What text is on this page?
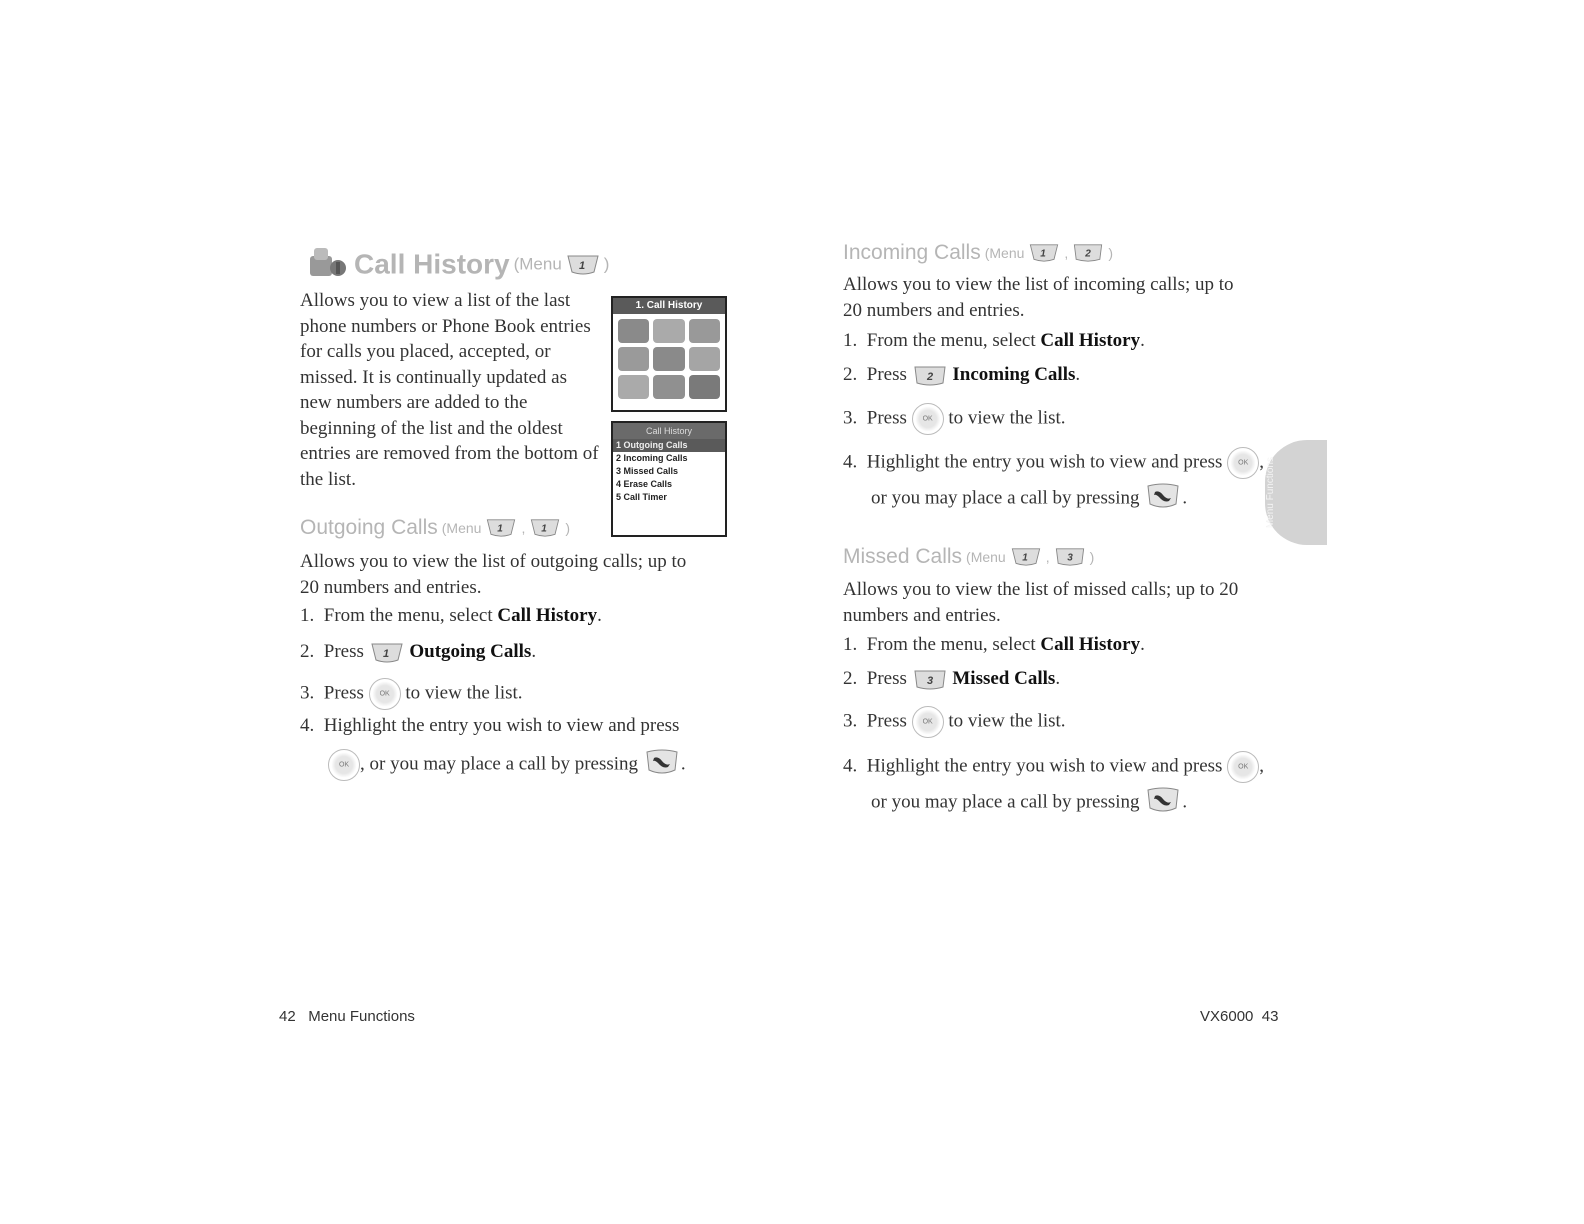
Call History (Menu 1 )
Allows you to view a list of the last phone numbers or Phone Book entries for calls you placed, accepted, or missed. It is continually updated as new numbers are added to the beginning of the list and the oldest entries are removed from the bottom of the list.
1. Call History
Call History
1 Outgoing Calls
2 Incoming Calls
3 Missed Calls
4 Erase Calls
5 Call Timer
Outgoing Calls (Menu 1 , 1 )
Allows you to view the list of outgoing calls; up to 20 numbers and entries.
1. From the menu, select Call History.
2. Press 1 Outgoing Calls.
3. Press OK to view the list.
4. Highlight the entry you wish to view and press
OK , or you may place a call by pressing .
42 Menu Functions
Incoming Calls (Menu 1 , 2 )
Allows you to view the list of incoming calls; up to 20 numbers and entries.
1. From the menu, select Call History.
2. Press 2 Incoming Calls.
3. Press OK to view the list.
4. Highlight the entry you wish to view and press OK ,
or you may place a call by pressing .
Missed Calls (Menu 1 , 3 )
Allows you to view the list of missed calls; up to 20 numbers and entries.
1. From the menu, select Call History.
2. Press 3 Missed Calls.
3. Press OK to view the list.
4. Highlight the entry you wish to view and press OK ,
or you may place a call by pressing .
Menu Functions
VX6000 43
